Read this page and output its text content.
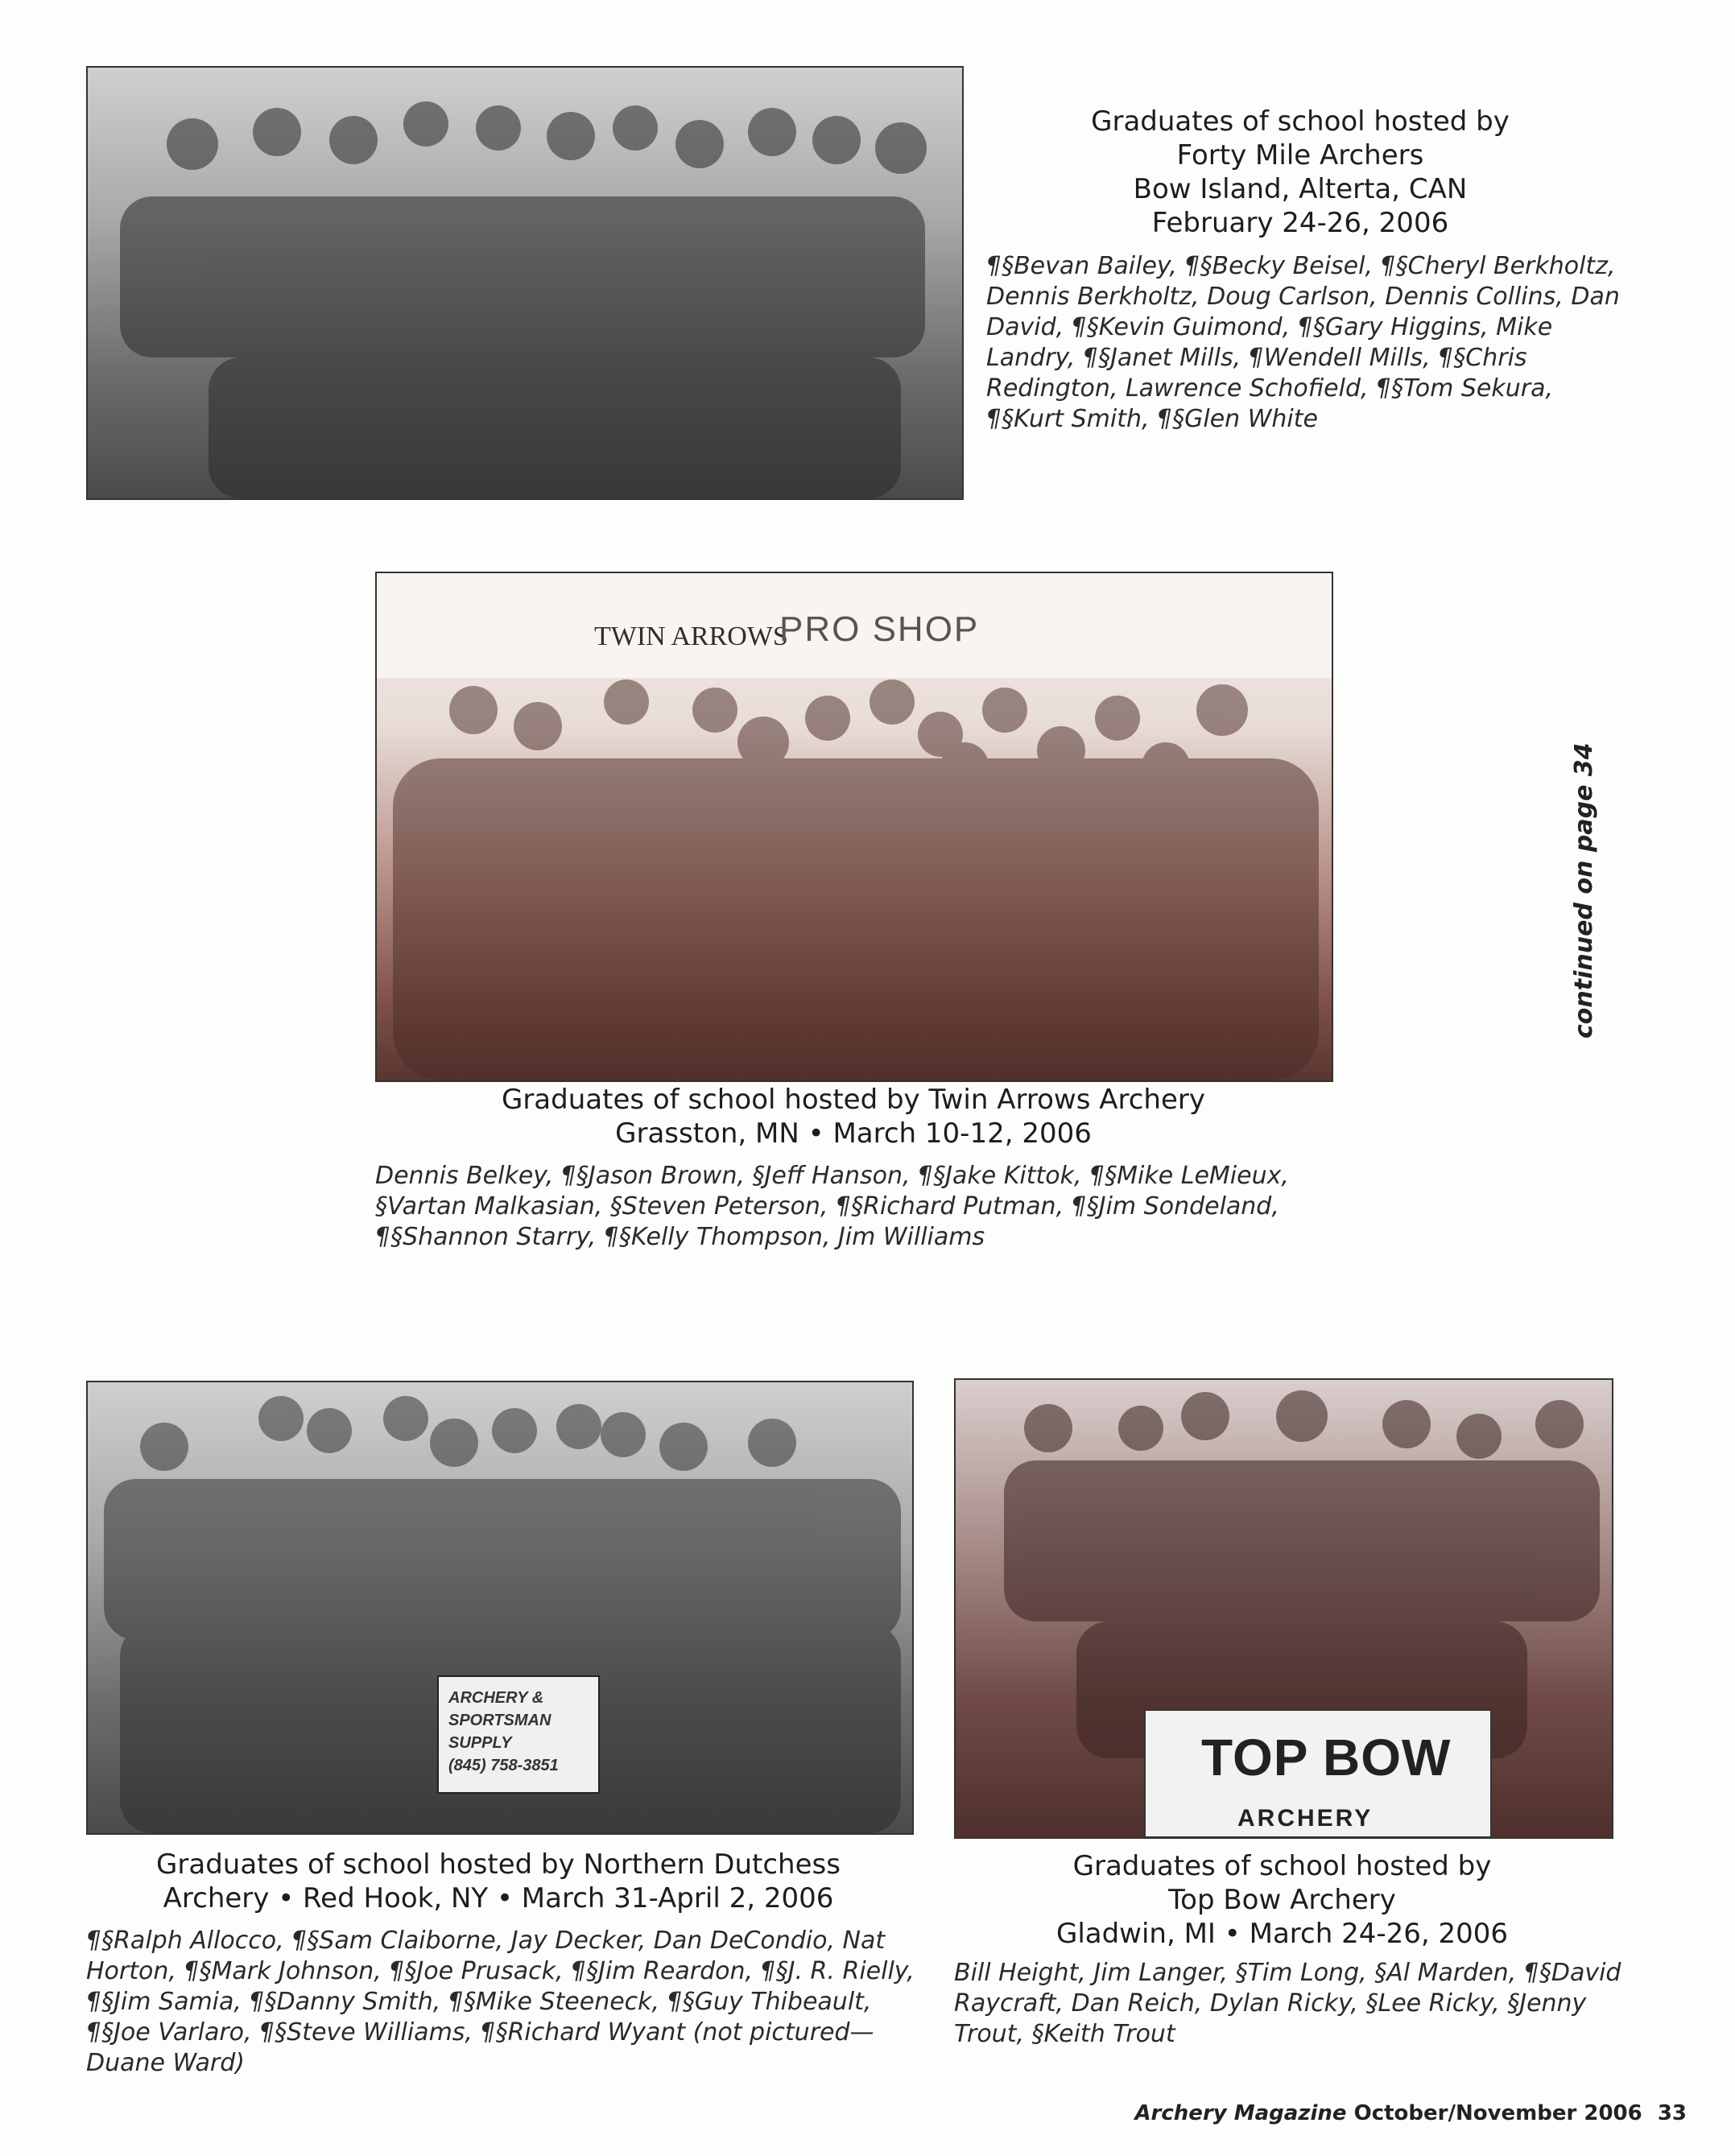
Graduates of school hosted by
Forty Mile Archers
Bow Island, Alterta, CAN
February 24-26, 2006
¶§Bevan Bailey, ¶§Becky Beisel, ¶§Cheryl Berkholtz, Dennis Berkholtz, Doug Carlson, Dennis Collins, Dan David, ¶§Kevin Guimond, ¶§Gary Higgins, Mike Landry, ¶§Janet Mills, ¶Wendell Mills, ¶§Chris Redington, Lawrence Schofield, ¶§Tom Sekura, ¶§Kurt Smith, ¶§Glen White
TWIN ARROWS
PRO SHOP
Graduates of school hosted by Twin Arrows Archery
Grasston, MN • March 10-12, 2006
Dennis Belkey, ¶§Jason Brown, §Jeff Hanson, ¶§Jake Kittok, ¶§Mike LeMieux, §Vartan Malkasian, §Steven Peterson, ¶§Richard Putman, ¶§Jim Sondeland, ¶§Shannon Starry, ¶§Kelly Thompson, Jim Williams
continued on page 34
ARCHERY &
SPORTSMAN
SUPPLY
(845) 758-3851
Graduates of school hosted by Northern Dutchess
Archery • Red Hook, NY • March 31-April 2, 2006
¶§Ralph Allocco, ¶§Sam Claiborne, Jay Decker, Dan DeCondio, Nat Horton, ¶§Mark Johnson, ¶§Joe Prusack, ¶§Jim Reardon, ¶§J. R. Rielly, ¶§Jim Samia, ¶§Danny Smith, ¶§Mike Steeneck, ¶§Guy Thibeault, ¶§Joe Varlaro, ¶§Steve Williams, ¶§Richard Wyant (not pictured—Duane Ward)
TOP BOW
ARCHERY
Graduates of school hosted by
Top Bow Archery
Gladwin, MI • March 24-26, 2006
Bill Height, Jim Langer, §Tim Long, §Al Marden, ¶§David Raycraft, Dan Reich, Dylan Ricky, §Lee Ricky, §Jenny Trout, §Keith Trout
Archery Magazine October/November 2006 33
